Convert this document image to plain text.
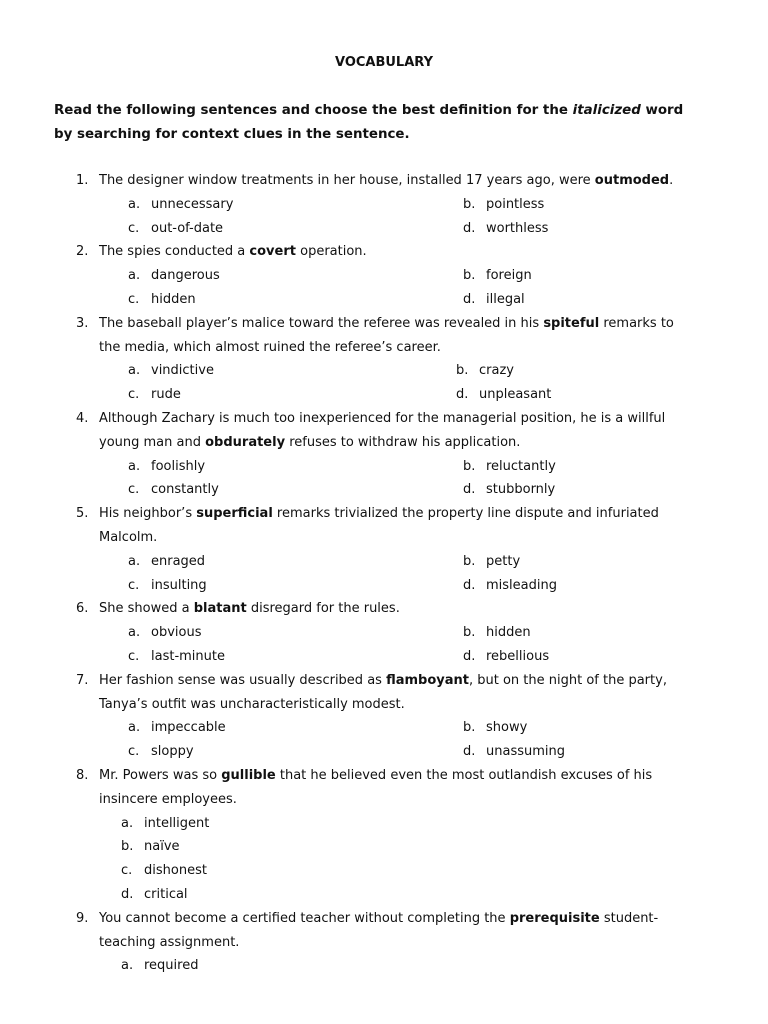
VOCABULARY
Read the following sentences and choose the best definition for the italicized word by searching for context clues in the sentence.
1. The designer window treatments in her house, installed 17 years ago, were outmoded.
a. unnecessary	b. pointless
c. out-of-date	d. worthless
2. The spies conducted a covert operation.
a. dangerous	b. foreign
c. hidden	d. illegal
3. The baseball player’s malice toward the referee was revealed in his spiteful remarks to the media, which almost ruined the referee’s career.
a. vindictive	b. crazy
c. rude	d. unpleasant
4. Although Zachary is much too inexperienced for the managerial position, he is a willful young man and obdurately refuses to withdraw his application.
a. foolishly	b. reluctantly
c. constantly	d. stubbornly
5. His neighbor’s superficial remarks trivialized the property line dispute and infuriated Malcolm.
a. enraged	b. petty
c. insulting	d. misleading
6. She showed a blatant disregard for the rules.
a. obvious	b. hidden
c. last-minute	d. rebellious
7. Her fashion sense was usually described as flamboyant, but on the night of the party, Tanya’s outfit was uncharacteristically modest.
a. impeccable	b. showy
c. sloppy	d. unassuming
8. Mr. Powers was so gullible that he believed even the most outlandish excuses of his insincere employees.
a. intelligent
b. naïve
c. dishonest
d. critical
9. You cannot become a certified teacher without completing the prerequisite student-teaching assignment.
a. required
